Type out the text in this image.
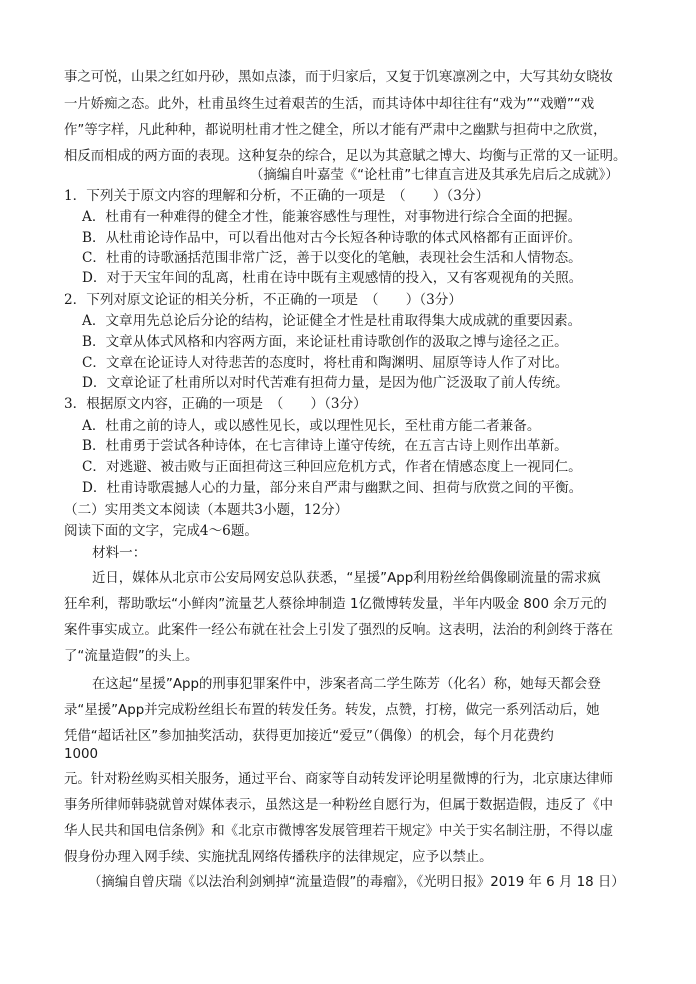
事之可悦，山果之红如丹砂，黑如点漆，而于归家后，又复于饥寒凛冽之中，大写其幼女晓妆
一片娇痴之态。此外，杜甫虽终生过着艰苦的生活，而其诗体中却往往有“戏为”“戏赠”“戏
作”等字样，凡此种种，都说明杜甫才性之健全，所以才能有严肃中之幽默与担荷中之欣赏，
相反而相成的两方面的表现。这种复杂的综合，足以为其意賦之博大、均衡与正常的又一证明。
（摘编自叶嘉莹《“论杜甫”七律直言进及其承先启后之成就》）
1．下列关于原文内容的理解和分析，不正确的一项是　（　　）（3分）
A．杜甫有一种难得的健全才性，能兼容感性与理性，对事物进行综合全面的把握。
B．从杜甫论诗作品中，可以看出他对古今长短各种诗歌的体式风格都有正面评价。
C．杜甫的诗歌涵括范围非常广泛，善于以变化的笔触，表现社会生活和人情物态。
D．对于天宝年间的乱离，杜甫在诗中既有主观感情的投入，又有客观视角的关照。
2．下列对原文论证的相关分析，不正确的一项是　（　　）（3分）
A．文章用先总论后分论的结构，论证健全才性是杜甫取得集大成成就的重要因素。
B．文章从体式风格和内容两方面，来论证杜甫诗歌创作的汲取之博与途径之正。
C．文章在论证诗人对待悲苦的态度时，将杜甫和陶渊明、屈原等诗人作了对比。
D．文章论证了杜甫所以对时代苦难有担荷力量，是因为他广泛汲取了前人传统。
3．根据原文内容，正确的一项是　（　　）（3分）
A．杜甫之前的诗人，或以感性见长，或以理性见长，至杜甫方能二者兼备。
B．杜甫勇于尝试各种诗体，在七言律诗上谨守传统，在五言古诗上则作出革新。
C．对逃避、被击败与正面担荷这三种回应危机方式，作者在情感态度上一视同仁。
D．杜甫诗歌震撼人心的力量，部分来自严肃与幽默之间、担荷与欣赏之间的平衡。
（二）实用类文本阅读（本题共3小题，12分）
阅读下面的文字，完成4～6题。
材料一：
近日，媒体从北京市公安局网安总队获悉，“星援”App利用粉丝给偶像刷流量的需求疯
狂牟利，帮助歌坛“小鲜肉”流量艺人蔡徐坤制造 1亿微博转发量，半年内吸金 800 余万元的
案件事实成立。此案件一经公布就在社会上引发了强烈的反响。这表明，法治的利剑终于落在
了“流量造假”的头上。
在这起“星援”App的刑事犯罪案件中，涉案者高二学生陈芳（化名）称，她每天都会登
录“星援”App并完成粉丝组长布置的转发任务。转发，点赞，打榜，做完一系列活动后，她
凭借“超话社区”参加抽奖活动，获得更加接近“爱豆”（偶像）的机会，每个月花费约
1000
元。针对粉丝购买相关服务，通过平台、商家等自动转发评论明星微博的行为，北京康达律师
事务所律师韩骁就曾对媒体表示，虽然这是一种粉丝自愿行为，但属于数据造假，违反了《中
华人民共和国电信条例》和《北京市微博客发展管理若干规定》中关于实名制注册，不得以虚
假身份办理入网手续、实施扰乱网络传播秩序的法律规定，应予以禁止。
（摘编自曾庆瑞《以法治利剑剜掉“流量造假”的毒瘤》，《光明日报》2019 年 6 月 18 日）
